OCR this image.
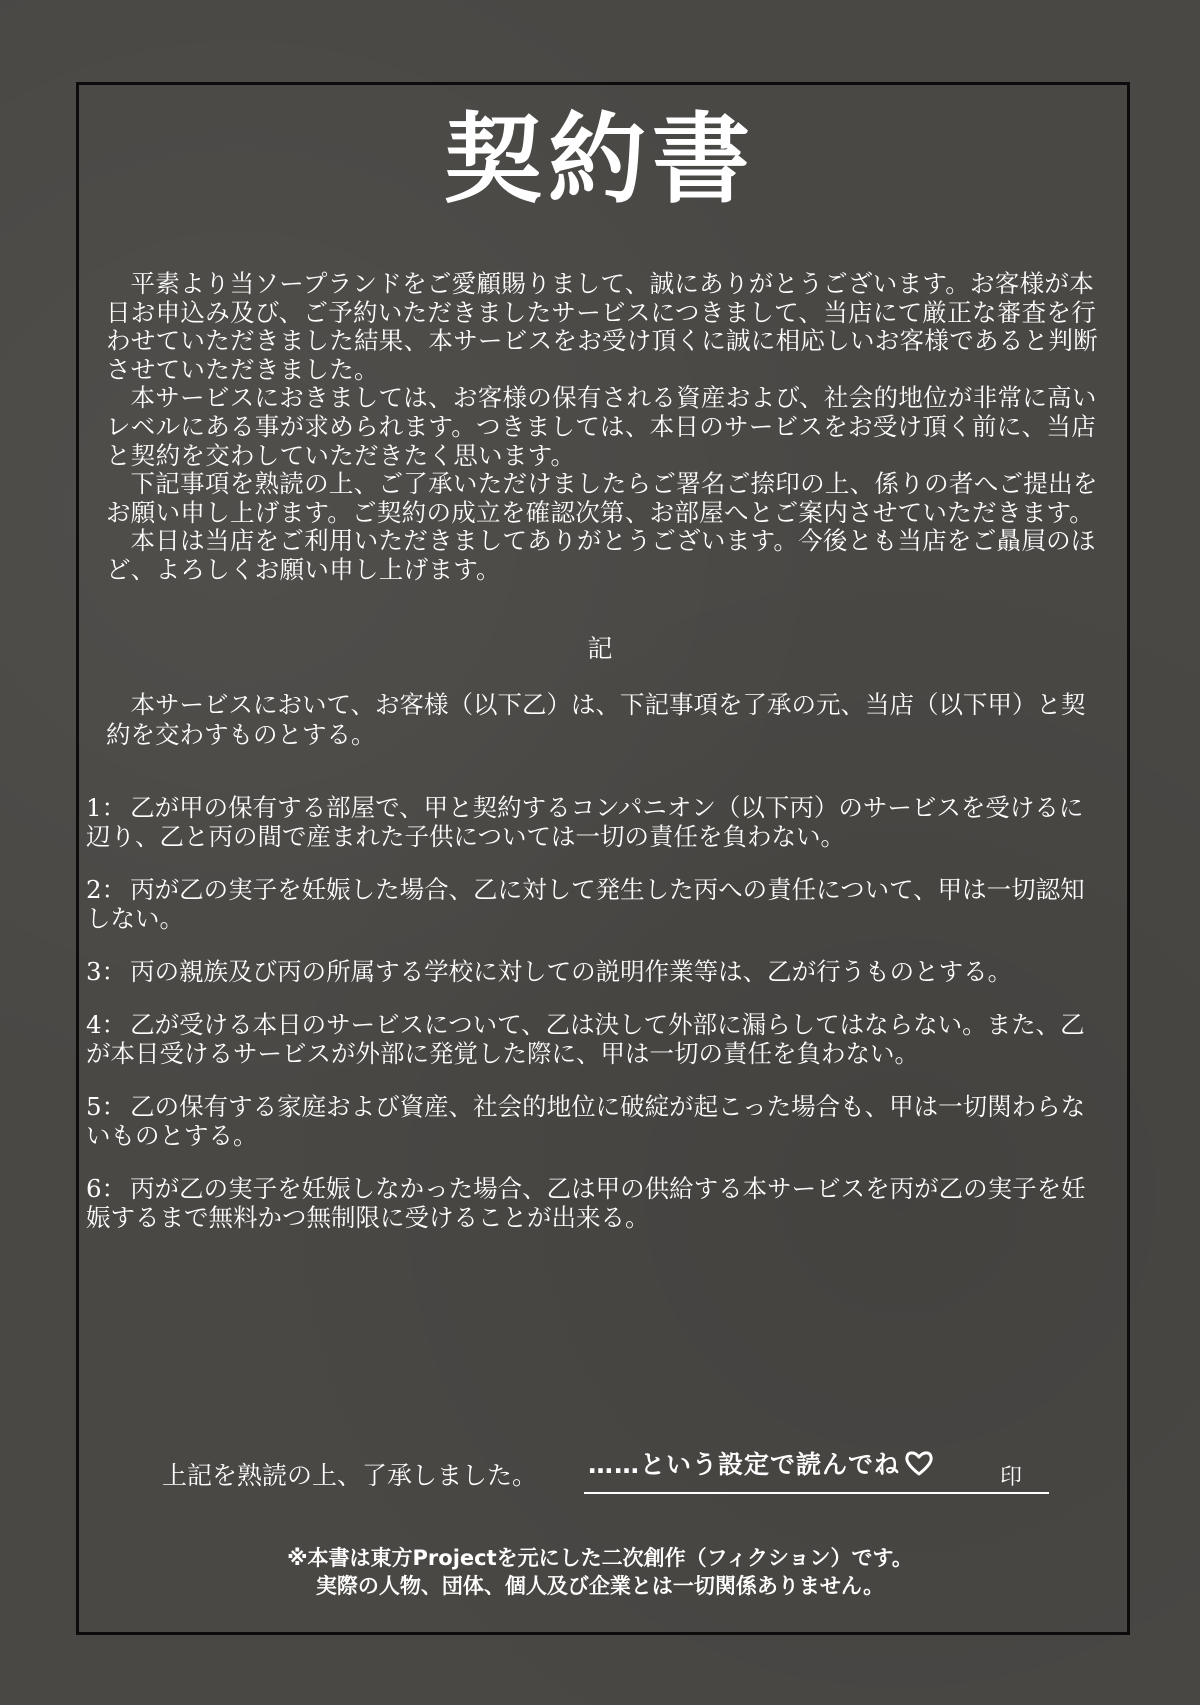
契約書

平素より当ソープランドをご愛顧賜りまして、誠にありがとうございます。お客様が本日お申込み及び、ご予約いただきましたサービスにつきまして、当店にて厳正な審査を行わせていただきました結果、本サービスをお受け頂くに誠に相応しいお客様であると判断させていただきました。

本サービスにおきましては、お客様の保有される資産および、社会的地位が非常に高いレベルにある事が求められます。つきましては、本日のサービスをお受け頂く前に、当店と契約を交わしていただきたく思います。

下記事項を熟読の上、ご了承いただけましたらご署名ご捺印の上、係りの者へご提出をお願い申し上げます。ご契約の成立を確認次第、お部屋へとご案内させていただきます。

本日は当店をご利用いただきましてありがとうございます。今後とも当店をご贔屓のほど、よろしくお願い申し上げます。

記

本サービスにおいて、お客様（以下乙）は、下記事項を了承の元、当店（以下甲）と契約を交わすものとする。

1： 乙が甲の保有する部屋で、甲と契約するコンパニオン（以下丙）のサービスを受けるに辺り、乙と丙の間で産まれた子供については一切の責任を負わない。

2： 丙が乙の実子を妊娠した場合、乙に対して発生した丙への責任について、甲は一切認知しない。

3： 丙の親族及び丙の所属する学校に対しての説明作業等は、乙が行うものとする。

4： 乙が受ける本日のサービスについて、乙は決して外部に漏らしてはならない。また、乙が本日受けるサービスが外部に発覚した際に、甲は一切の責任を負わない。

5： 乙の保有する家庭および資産、社会的地位に破綻が起こった場合も、甲は一切関わらないものとする。

6： 丙が乙の実子を妊娠しなかった場合、乙は甲の供給する本サービスを丙が乙の実子を妊娠するまで無料かつ無制限に受けることが出来る。

上記を熟読の上、了承しました。 ……という設定で読んでね	印
※本書は東方Projectを元にした二次創作（フィクション）です。
実際の人物、団体、個人及び企業とは一切関係ありません。
